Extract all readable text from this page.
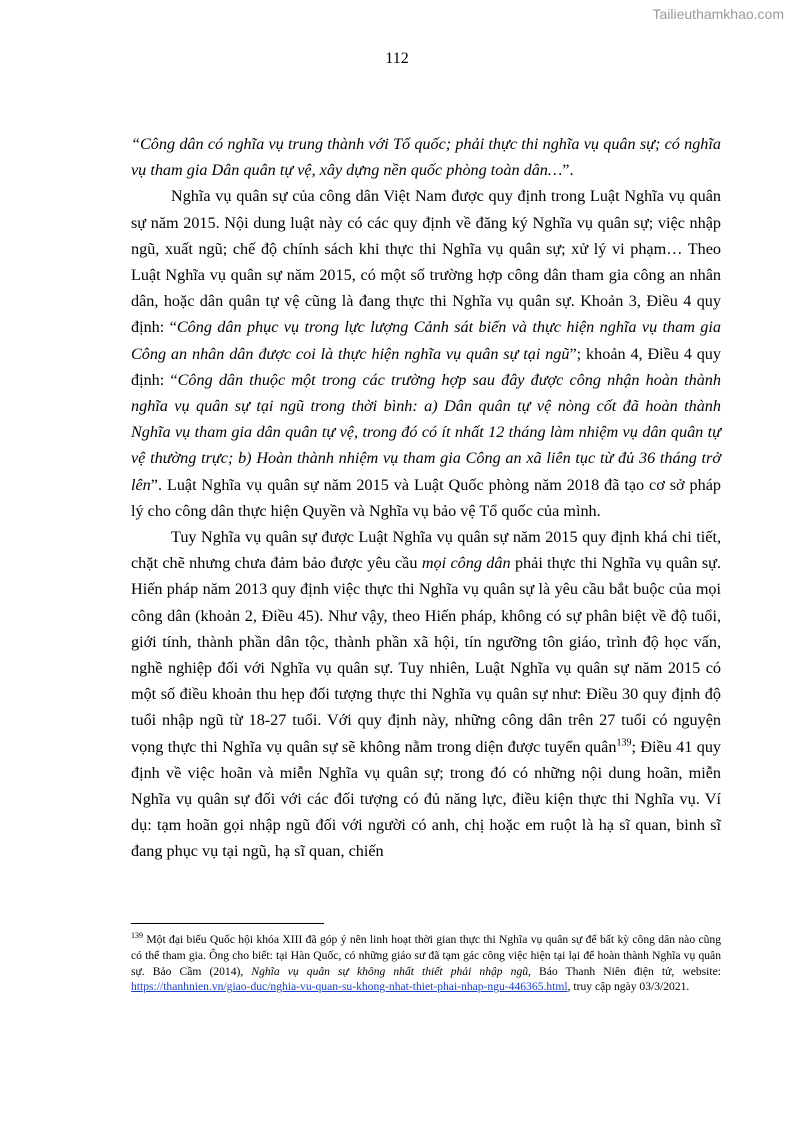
Tailieuthamkhao.com
112

“Công dân có nghĩa vụ trung thành với Tổ quốc; phải thực thi nghĩa vụ quân sự; có nghĩa vụ tham gia Dân quân tự vệ, xây dựng nền quốc phòng toàn dân…”.

Nghĩa vụ quân sự của công dân Việt Nam được quy định trong Luật Nghĩa vụ quân sự năm 2015. Nội dung luật này có các quy định về đăng ký Nghĩa vụ quân sự; việc nhập ngũ, xuất ngũ; chế độ chính sách khi thực thi Nghĩa vụ quân sự; xử lý vi phạm… Theo Luật Nghĩa vụ quân sự năm 2015, có một số trường hợp công dân tham gia công an nhân dân, hoặc dân quân tự vệ cũng là đang thực thi Nghĩa vụ quân sự. Khoản 3, Điều 4 quy định: “Công dân phục vụ trong lực lượng Cảnh sát biển và thực hiện nghĩa vụ tham gia Công an nhân dân được coi là thực hiện nghĩa vụ quân sự tại ngũ”; khoản 4, Điều 4 quy định: “Công dân thuộc một trong các trường hợp sau đây được công nhận hoàn thành nghĩa vụ quân sự tại ngũ trong thời bình: a) Dân quân tự vệ nòng cốt đã hoàn thành Nghĩa vụ tham gia dân quân tự vệ, trong đó có ít nhất 12 tháng làm nhiệm vụ dân quân tự vệ thường trực; b) Hoàn thành nhiệm vụ tham gia Công an xã liên tục từ đủ 36 tháng trở lên”. Luật Nghĩa vụ quân sự năm 2015 và Luật Quốc phòng năm 2018 đã tạo cơ sở pháp lý cho công dân thực hiện Quyền và Nghĩa vụ bảo vệ Tổ quốc của mình.

Tuy Nghĩa vụ quân sự được Luật Nghĩa vụ quân sự năm 2015 quy định khá chi tiết, chặt chẽ nhưng chưa đảm bảo được yêu cầu mọi công dân phải thực thi Nghĩa vụ quân sự. Hiến pháp năm 2013 quy định việc thực thi Nghĩa vụ quân sự là yêu cầu bắt buộc của mọi công dân (khoản 2, Điều 45). Như vậy, theo Hiến pháp, không có sự phân biệt về độ tuổi, giới tính, thành phần dân tộc, thành phần xã hội, tín ngưỡng tôn giáo, trình độ học vấn, nghề nghiệp đối với Nghĩa vụ quân sự. Tuy nhiên, Luật Nghĩa vụ quân sự năm 2015 có một số điều khoản thu hẹp đối tượng thực thi Nghĩa vụ quân sự như: Điều 30 quy định độ tuổi nhập ngũ từ 18-27 tuổi. Với quy định này, những công dân trên 27 tuổi có nguyện vọng thực thi Nghĩa vụ quân sự sẽ không nằm trong diện được tuyển quân$^{139}$; Điều 41 quy định về việc hoãn và miễn Nghĩa vụ quân sự; trong đó có những nội dung hoãn, miễn Nghĩa vụ quân sự đối với các đối tượng có đủ năng lực, điều kiện thực thi Nghĩa vụ. Ví dụ: tạm hoãn gọi nhập ngũ đối với người có anh, chị hoặc em ruột là hạ sĩ quan, binh sĩ đang phục vụ tại ngũ, hạ sĩ quan, chiến

$^{139}$ Một đại biểu Quốc hội khóa XIII đã góp ý nên linh hoạt thời gian thực thi Nghĩa vụ quân sự để bất kỳ công dân nào cũng có thể tham gia. Ông cho biết: tại Hàn Quốc, có những giáo sư đã tạm gác công việc hiện tại lại để hoàn thành Nghĩa vụ quân sự. Bảo Cầm (2014), Nghĩa vụ quân sự không nhất thiết phải nhập ngũ, Báo Thanh Niên điện tử, website: https://thanhnien.vn/giao-duc/nghia-vu-quan-su-khong-nhat-thiet-phai-nhap-ngu-446365.html, truy cập ngày 03/3/2021.
